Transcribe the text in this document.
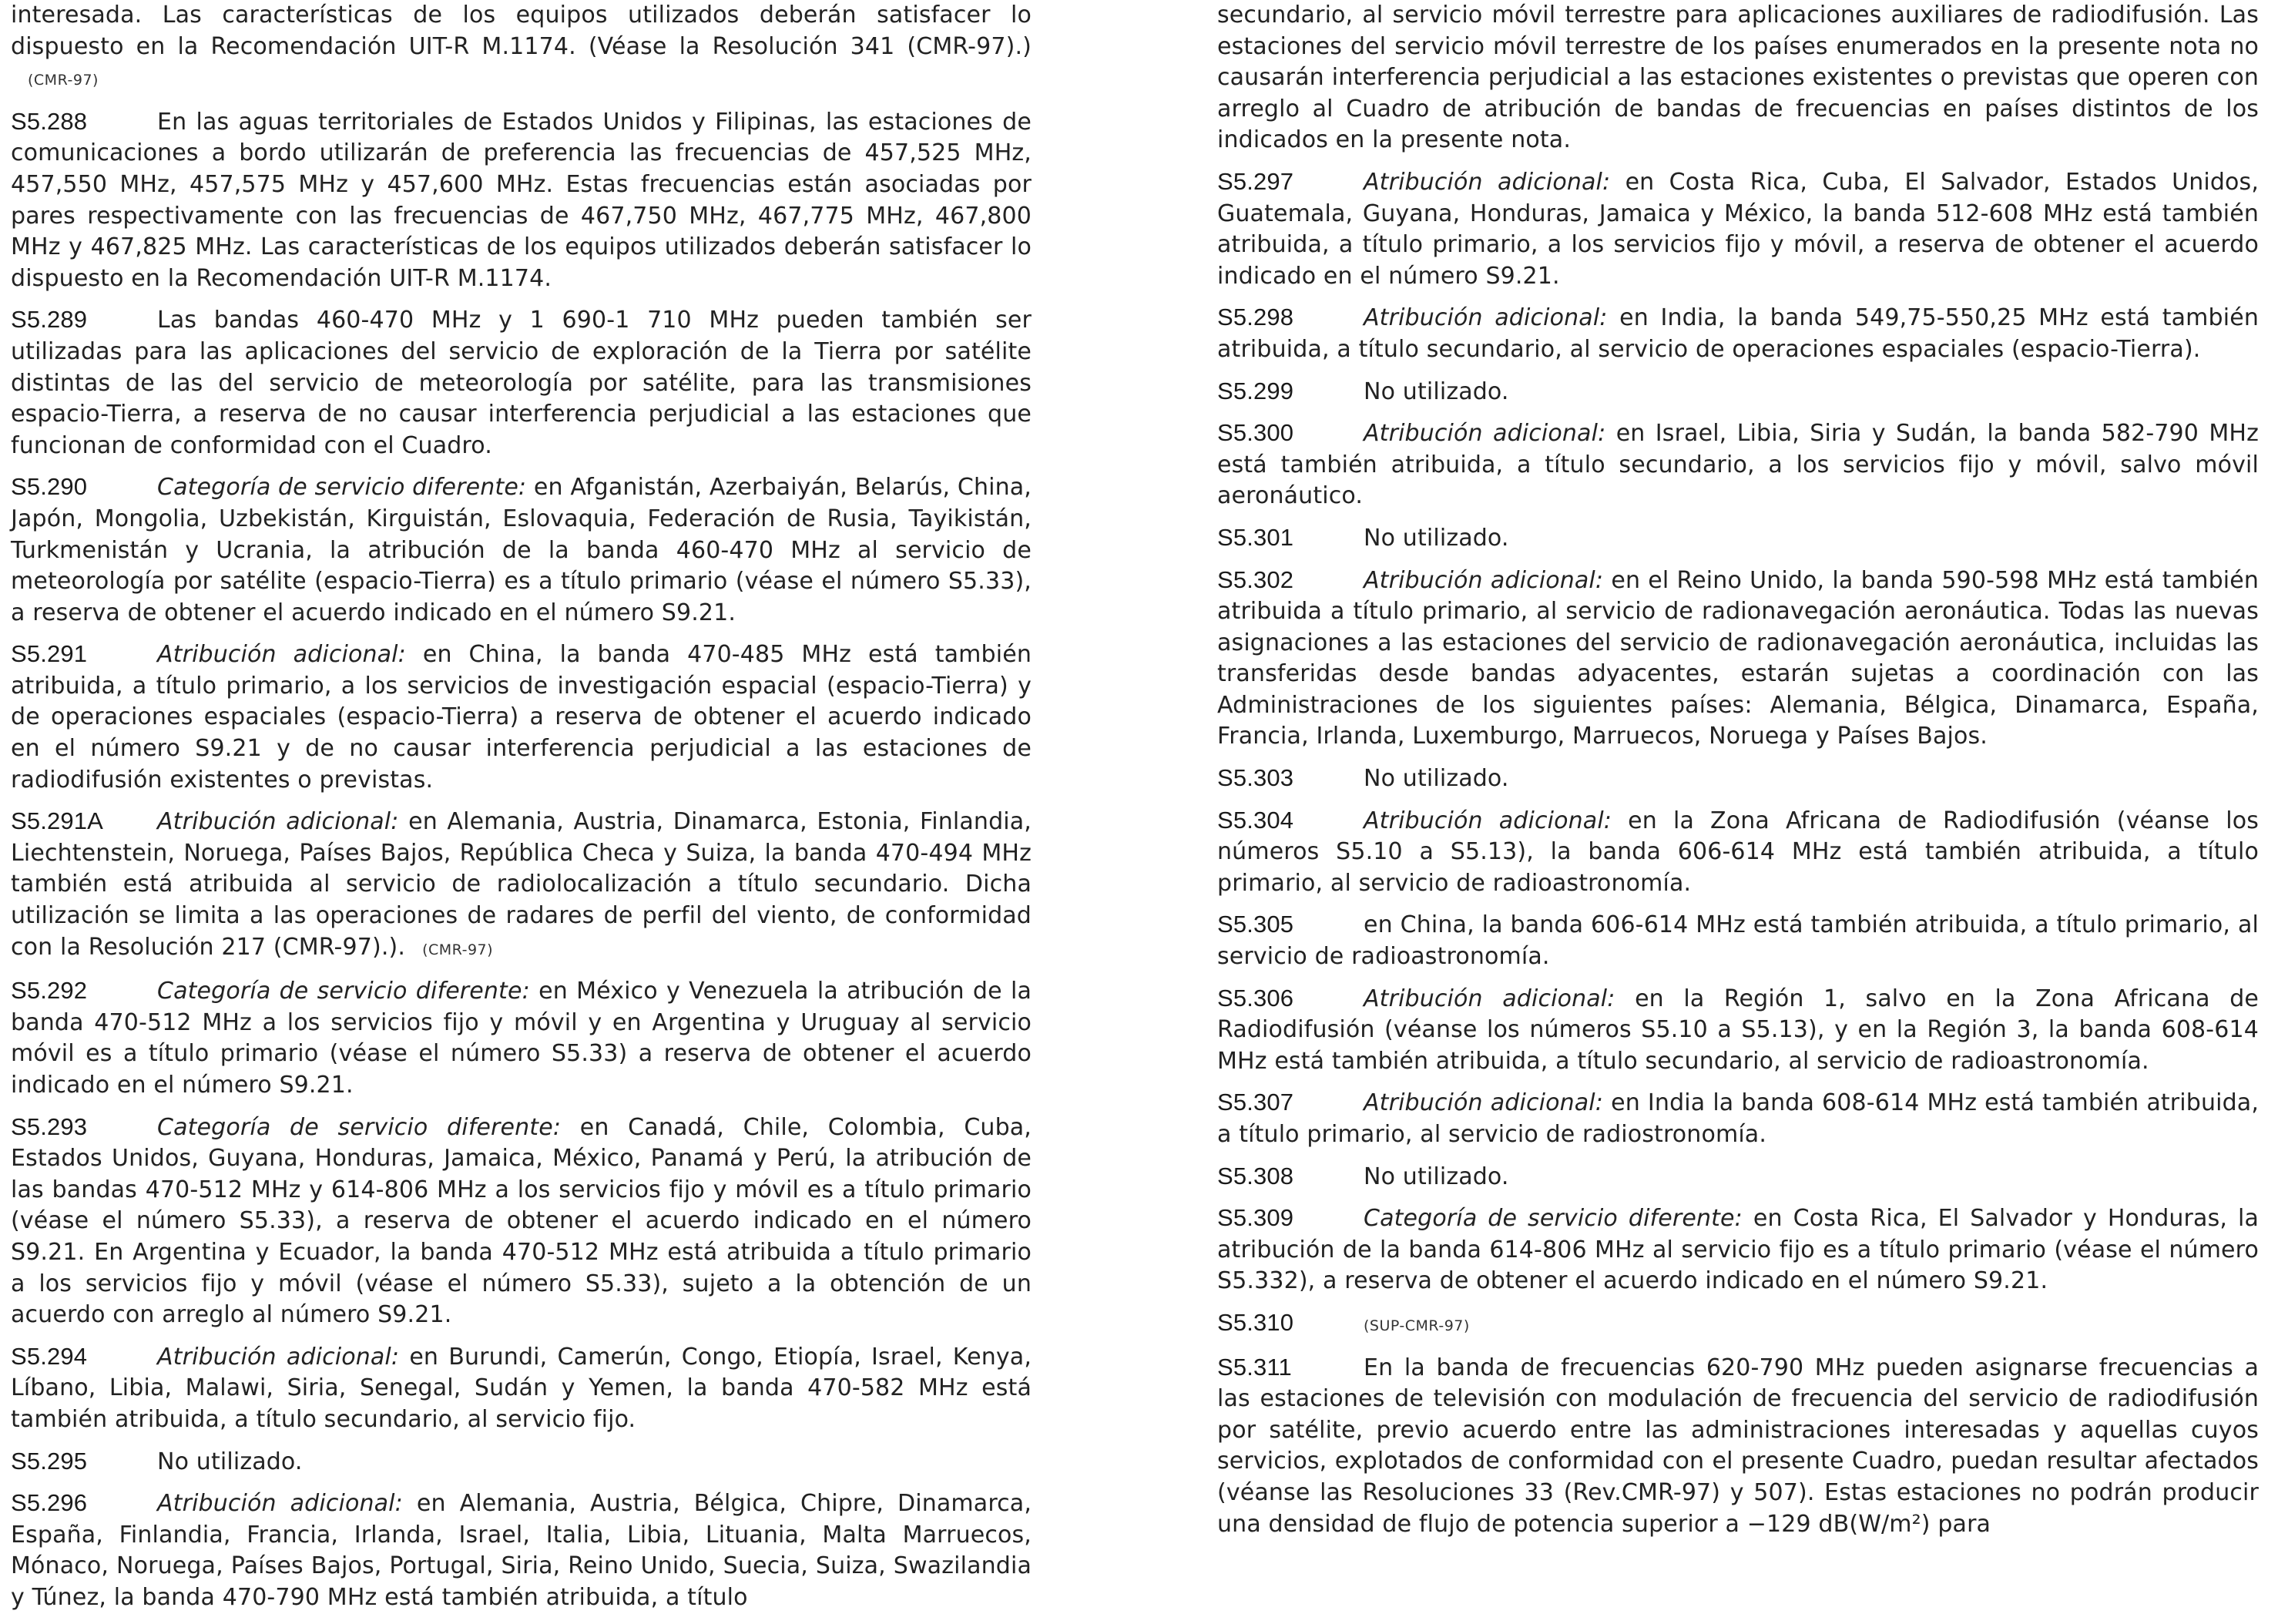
interesada. Las características de los equipos utilizados deberán satisfacer lo dispuesto en la Recomendación UIT-R M.1174. (Véase la Resolución 341 (CMR-97).)(CMR-97)

S5.288	En las aguas territoriales de Estados Unidos y Filipinas, las estaciones de comunicaciones a bordo utilizarán de preferencia las frecuencias de 457,525 MHz, 457,550 MHz, 457,575 MHz y 457,600 MHz. Estas frecuencias están asociadas por pares respectivamente con las frecuencias de 467,750 MHz, 467,775 MHz, 467,800 MHz y 467,825 MHz. Las características de los equipos utilizados deberán satisfacer lo dispuesto en la Recomendación UIT-R M.1174.

S5.289	Las bandas 460-470 MHz y 1 690-1 710 MHz pueden también ser utilizadas para las aplicaciones del servicio de exploración de la Tierra por satélite distintas de las del servicio de meteorología por satélite, para las transmisiones espacio-Tierra, a reserva de no causar interferencia perjudicial a las estaciones que funcionan de conformidad con el Cuadro.

S5.290	Categoría de servicio diferente: en Afganistán, Azerbaiyán, Belarús, China, Japón, Mongolia, Uzbekistán, Kirguistán, Eslovaquia, Federación de Rusia, Tayikistán, Turkmenistán y Ucrania, la atribución de la banda 460-470 MHz al servicio de meteorología por satélite (espacio-Tierra) es a título primario (véase el número S5.33), a reserva de obtener el acuerdo indicado en el número S9.21.

S5.291	Atribución adicional: en China, la banda 470-485 MHz está también atribuida, a título primario, a los servicios de investigación espacial (espacio-Tierra) y de operaciones espaciales (espacio-Tierra) a reserva de obtener el acuerdo indicado en el número S9.21 y de no causar interferencia perjudicial a las estaciones de radiodifusión existentes o previstas.

S5.291A Atribución adicional: en Alemania, Austria, Dinamarca, Estonia, Finlandia, Liechtenstein, Noruega, Países Bajos, República Checa y Suiza, la banda 470-494 MHz también está atribuida al servicio de radiolocalización a título secundario. Dicha utilización se limita a las operaciones de radares de perfil del viento, de conformidad con la Resolución 217 (CMR-97).). (CMR-97)

S5.292	Categoría de servicio diferente: en México y Venezuela la atribución de la banda 470-512 MHz a los servicios fijo y móvil y en Argentina y Uruguay al servicio móvil es a título primario (véase el número S5.33) a reserva de obtener el acuerdo indicado en el número S9.21.

S5.293	Categoría de servicio diferente: en Canadá, Chile, Colombia, Cuba, Estados Unidos, Guyana, Honduras, Jamaica, México, Panamá y Perú, la atribución de las bandas 470-512 MHz y 614-806 MHz a los servicios fijo y móvil es a título primario (véase el número S5.33), a reserva de obtener el acuerdo indicado en el número S9.21. En Argentina y Ecuador, la banda 470-512 MHz está atribuida a título primario a los servicios fijo y móvil (véase el número S5.33), sujeto a la obtención de un acuerdo con arreglo al número S9.21.

S5.294	Atribución adicional: en Burundi, Camerún, Congo, Etiopía, Israel, Kenya, Líbano, Libia, Malawi, Siria, Senegal, Sudán y Yemen, la banda 470-582 MHz está también atribuida, a título secundario, al servicio fijo.

S5.295	No utilizado.

S5.296	Atribución adicional: en Alemania, Austria, Bélgica, Chipre, Dinamarca, España, Finlandia, Francia, Irlanda, Israel, Italia, Libia, Lituania, Malta Marruecos, Mónaco, Noruega, Países Bajos, Portugal, Siria, Reino Unido, Suecia, Suiza, Swazilandia y Túnez, la banda 470-790 MHz está también atribuida, a título

secundario, al servicio móvil terrestre para aplicaciones auxiliares de radiodifusión. Las estaciones del servicio móvil terrestre de los países enumerados en la presente nota no causarán interferencia perjudicial a las estaciones existentes o previstas que operen con arreglo al Cuadro de atribución de bandas de frecuencias en países distintos de los indicados en la presente nota.

S5.297	Atribución adicional: en Costa Rica, Cuba, El Salvador, Estados Unidos, Guatemala, Guyana, Honduras, Jamaica y México, la banda 512-608 MHz está también atribuida, a título primario, a los servicios fijo y móvil, a reserva de obtener el acuerdo indicado en el número S9.21.

S5.298	Atribución adicional: en India, la banda 549,75-550,25 MHz está también atribuida, a título secundario, al servicio de operaciones espaciales (espacio-Tierra).

S5.299	No utilizado.

S5.300	Atribución adicional: en Israel, Libia, Siria y Sudán, la banda 582-790 MHz está también atribuida, a título secundario, a los servicios fijo y móvil, salvo móvil aeronáutico.

S5.301	No utilizado.

S5.302	Atribución adicional: en el Reino Unido, la banda 590-598 MHz está también atribuida a título primario, al servicio de radionavegación aeronáutica. Todas las nuevas asignaciones a las estaciones del servicio de radionavegación aeronáutica, incluidas las transferidas desde bandas adyacentes, estarán sujetas a coordinación con las Administraciones de los siguientes países: Alemania, Bélgica, Dinamarca, España, Francia, Irlanda, Luxemburgo, Marruecos, Noruega y Países Bajos.

S5.303	No utilizado.

S5.304	Atribución adicional: en la Zona Africana de Radiodifusión (véanse los números S5.10 a S5.13), la banda 606-614 MHz está también atribuida, a título primario, al servicio de radioastronomía.

S5.305	en China, la banda 606-614 MHz está también atribuida, a título primario, al servicio de radioastronomía.

S5.306	Atribución adicional: en la Región 1, salvo en la Zona Africana de Radiodifusión (véanse los números S5.10 a S5.13), y en la Región 3, la banda 608-614 MHz está también atribuida, a título secundario, al servicio de radioastronomía.

S5.307	Atribución adicional: en India la banda 608-614 MHz está también atribuida, a título primario, al servicio de radiostronomía.

S5.308	No utilizado.

S5.309	Categoría de servicio diferente: en Costa Rica, El Salvador y Honduras, la atribución de la banda 614-806 MHz al servicio fijo es a título primario (véase el número S5.332), a reserva de obtener el acuerdo indicado en el número S9.21.

S5.310	(SUP-CMR-97)

S5.311	En la banda de frecuencias 620-790 MHz pueden asignarse frecuencias a las estaciones de televisión con modulación de frecuencia del servicio de radiodifusión por satélite, previo acuerdo entre las administraciones interesadas y aquellas cuyos servicios, explotados de conformidad con el presente Cuadro, puedan resultar afectados (véanse las Resoluciones 33 (Rev.CMR-97) y 507). Estas estaciones no podrán producir una densidad de flujo de potencia superior a −129 dB(W/m²) para
